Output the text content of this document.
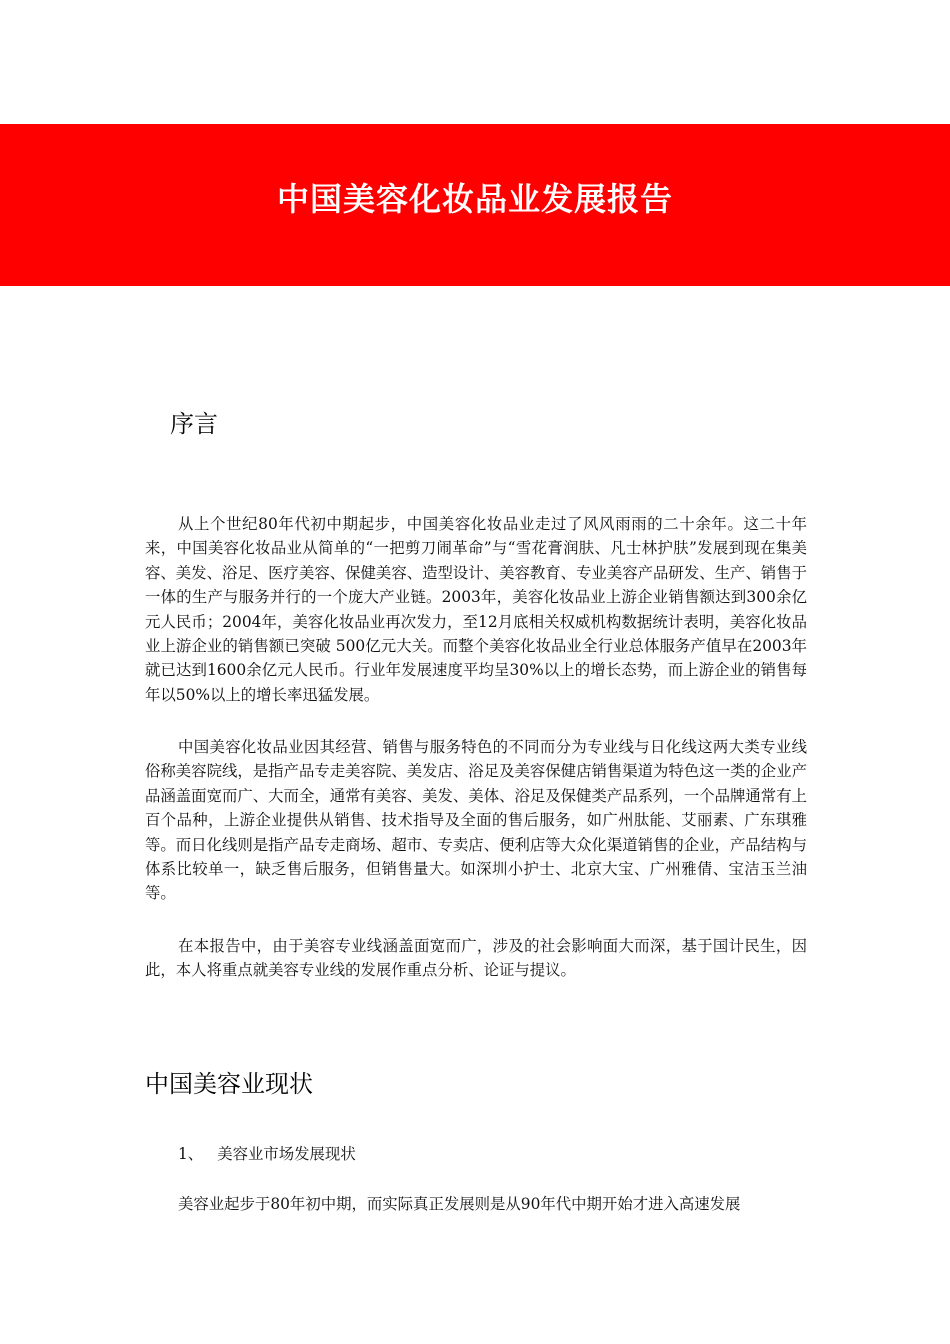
中国美容化妆品业发展报告
序言

从上个世纪80年代初中期起步，中国美容化妆品业走过了风风雨雨的二十余年。这二十年来，中国美容化妆品业从简单的“一把剪刀闹革命”与“雪花膏润肤、凡士林护肤”发展到现在集美容、美发、浴足、医疗美容、保健美容、造型设计、美容教育、专业美容产品研发、生产、销售于一体的生产与服务并行的一个庞大产业链。2003年，美容化妆品业上游企业销售额达到300余亿元人民币；2004年，美容化妆品业再次发力，至12月底相关权威机构数据统计表明，美容化妆品业上游企业的销售额已突破 500亿元大关。而整个美容化妆品业全行业总体服务产值早在2003年就已达到1600余亿元人民币。行业年发展速度平均呈30%以上的增长态势，而上游企业的销售每年以50%以上的增长率迅猛发展。

中国美容化妆品业因其经营、销售与服务特色的不同而分为专业线与日化线这两大类专业线俗称美容院线，是指产品专走美容院、美发店、浴足及美容保健店销售渠道为特色这一类的企业产品涵盖面宽而广、大而全，通常有美容、美发、美体、浴足及保健类产品系列，一个品牌通常有上百个品种，上游企业提供从销售、技术指导及全面的售后服务，如广州肽能、艾丽素、广东琪雅等。而日化线则是指产品专走商场、超市、专卖店、便利店等大众化渠道销售的企业，产品结构与体系比较单一，缺乏售后服务，但销售量大。如深圳小护士、北京大宝、广州雅倩、宝洁玉兰油等。

在本报告中，由于美容专业线涵盖面宽而广，涉及的社会影响面大而深，基于国计民生，因此，本人将重点就美容专业线的发展作重点分析、论证与提议。

中国美容业现状
1、 美容业市场发展现状
美容业起步于80年初中期，而实际真正发展则是从90年代中期开始才进入高速发展
